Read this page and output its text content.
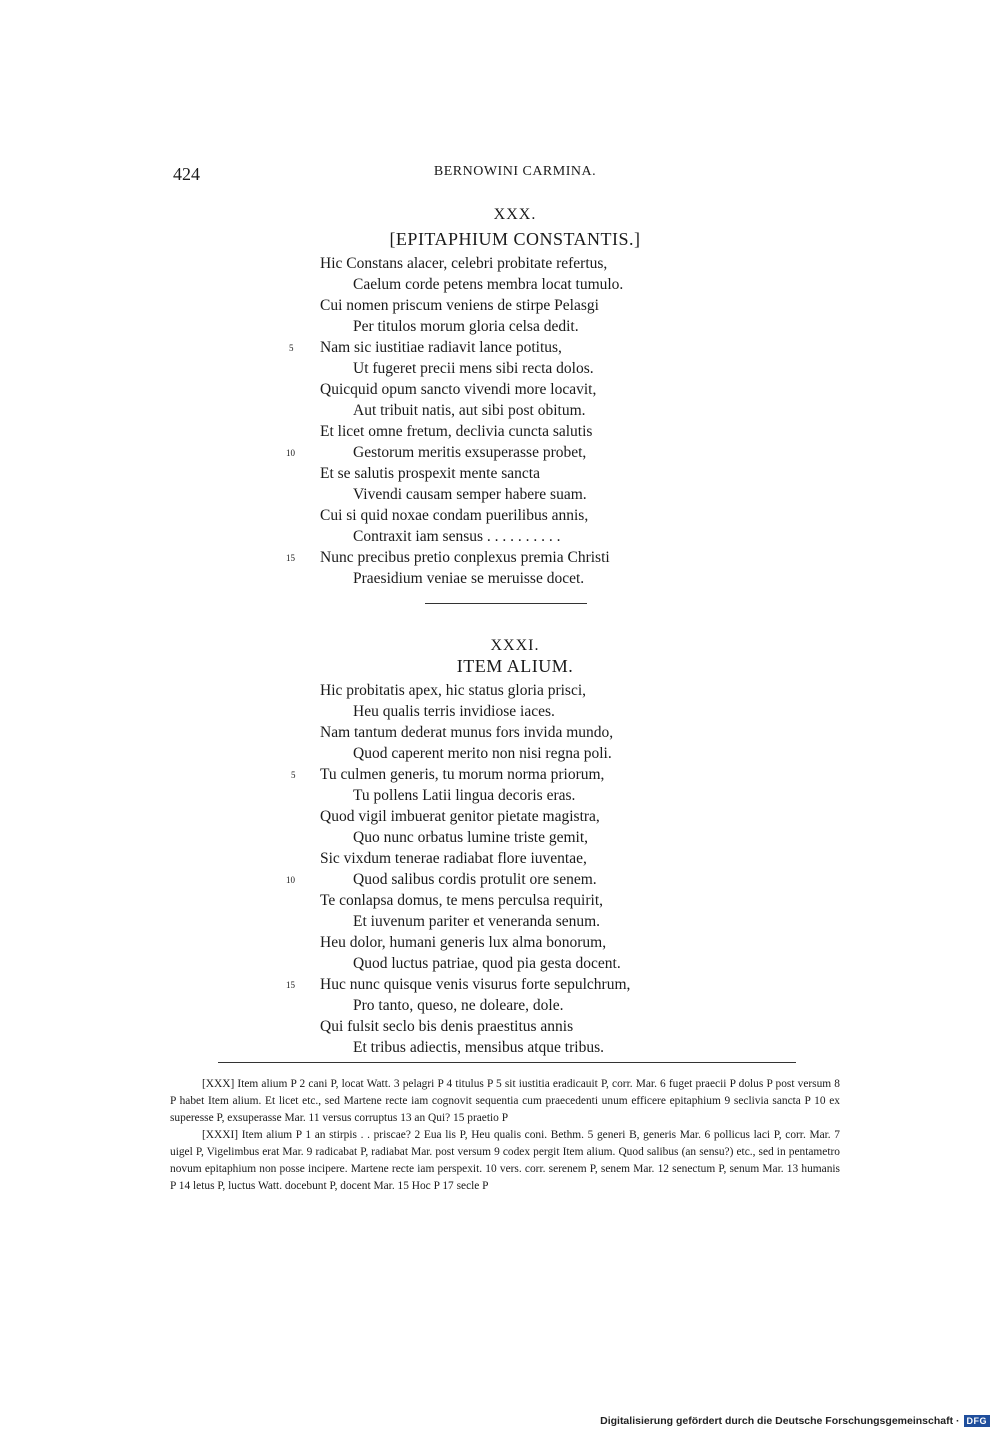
424	BERNOWINI CARMINA.
XXX.
[EPITAPHIUM CONSTANTIS.]
Hic Constans alacer, celebri probitate refertus,
Caelum corde petens membra locat tumulo.
Cui nomen priscum veniens de stirpe Pelasgi
Per titulos morum gloria celsa dedit.
Nam sic iustitiae radiavit lance potitus,
Ut fugeret precii mens sibi recta dolos.
Quicquid opum sancto vivendi more locavit,
Aut tribuit natis, aut sibi post obitum.
Et licet omne fretum, declivia cuncta salutis
Gestorum meritis exsuperasse probet,
Et se salutis prospexit mente sancta
Vivendi causam semper habere suam.
Cui si quid noxae condam puerilibus annis,
Contraxit iam sensus . . . . . . . . . .
Nunc precibus pretio conplexus premia Christi
Praesidium veniae se meruisse docet.
5
10
15
XXXI.
ITEM ALIUM.
Hic probitatis apex, hic status gloria prisci,
Heu qualis terris invidiose iaces.
Nam tantum dederat munus fors invida mundo,
Quod caperent merito non nisi regna poli.
Tu culmen generis, tu morum norma priorum,
Tu pollens Latii lingua decoris eras.
Quod vigil imbuerat genitor pietate magistra,
Quo nunc orbatus lumine triste gemit,
Sic vixdum tenerae radiabat flore iuventae,
Quod salibus cordis protulit ore senem.
Te conlapsa domus, te mens perculsa requirit,
Et iuvenum pariter et veneranda senum.
Heu dolor, humani generis lux alma bonorum,
Quod luctus patriae, quod pia gesta docent.
Huc nunc quisque venis visurus forte sepulchrum,
Pro tanto, queso, ne doleare, dole.
Qui fulsit seclo bis denis praestitus annis
Et tribus adiectis, mensibus atque tribus.
5
10
15

[XXX] Item alium P 2 cani P, locat Watt. 3 pelagri P 4 titulus P 5 sit iustitia eradicauit P, corr. Mar. 6 fuget praecii P dolus P post versum 8 P habet Item alium. Et licet etc., sed Martene recte iam cognovit sequentia cum praecedenti unum efficere epitaphium 9 seclivia sancta P 10 ex superesse P, exsuperasse Mar. 11 versus corruptus 13 an Qui? 15 praetio P

[XXXI] Item alium P 1 an stirpis . . priscae? 2 Eua lis P, Heu qualis coni. Bethm. 5 generi B, generis Mar. 6 pollicus laci P, corr. Mar. 7 uigel P, Vigelimbus erat Mar. 9 radicabat P, radiabat Mar. post versum 9 codex pergit Item alium. Quod salibus (an sensu?) etc., sed in pentametro novum epitaphium non posse incipere. Martene recte iam perspexit. 10 vers. corr. serenem P, senem Mar. 12 senectum P, senum Mar. 13 humanis P 14 letus P, luctus Watt. docebunt P, docent Mar. 15 Hoc P 17 secle P

Digitalisierung gefördert durch die Deutsche Forschungsgemeinschaft · DFG
